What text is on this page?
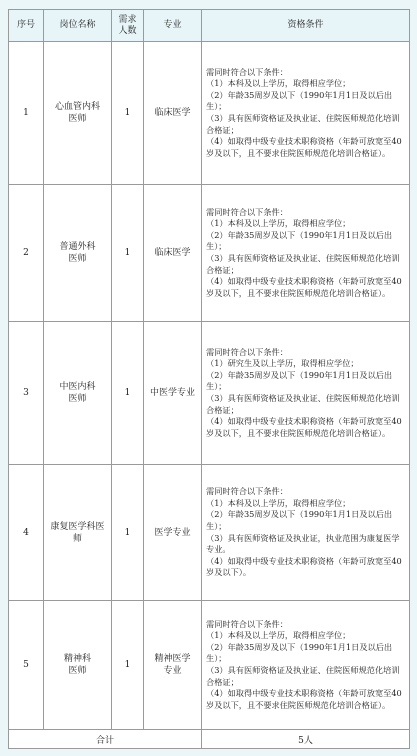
序号	岗位名称	需求人数	专业	资格条件
1	心血管内科医师	1	临床医学	需同时符合以下条件：
（1）本科及以上学历，取得相应学位；
（2）年龄35周岁及以下（1990年1月1日及以后出生）；
（3）具有医师资格证及执业证、住院医师规范化培训合格证；
（4）如取得中级专业技术职称资格（年龄可放宽至40岁及以下，且不要求住院医师规范化培训合格证）。

2	普通外科医师	1	临床医学	需同时符合以下条件：
（1）本科及以上学历，取得相应学位；
（2）年龄35周岁及以下（1990年1月1日及以后出生）；
（3）具有医师资格证及执业证、住院医师规范化培训合格证；
（4）如取得中级专业技术职称资格（年龄可放宽至40岁及以下，且不要求住院医师规范化培训合格证）。

3	中医内科医师	1	中医学专业	需同时符合以下条件：
（1）研究生及以上学历，取得相应学位；
（2）年龄35周岁及以下（1990年1月1日及以后出生）；
（3）具有医师资格证及执业证、住院医师规范化培训合格证；
（4）如取得中级专业技术职称资格（年龄可放宽至40岁及以下，且不要求住院医师规范化培训合格证）。

4	康复医学科医师	1	医学专业	需同时符合以下条件：
（1）本科及以上学历，取得相应学位；
（2）年龄35周岁及以下（1990年1月1日及以后出生）；
（3）具有医师资格证及执业证，执业范围为康复医学专业。
（4）如取得中级专业技术职称资格（年龄可放宽至40岁及以下）。

5	精神科医师	1	精神医学专业	需同时符合以下条件：
（1）本科及以上学历，取得相应学位；
（2）年龄35周岁及以下（1990年1月1日及以后出生）；
（3）具有医师资格证及执业证、住院医师规范化培训合格证；
（4）如取得中级专业技术职称资格（年龄可放宽至40岁及以下，且不要求住院医师规范化培训合格证）。

合计				5人
